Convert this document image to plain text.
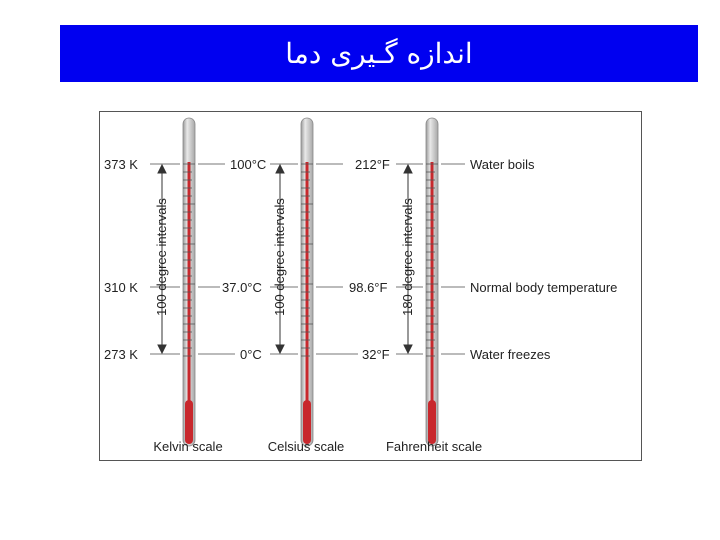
اندازه گـیری دما
100 degree intervals	100 degree intervals	180 degree intervals
373 K
310 K
273 K
100°C
37.0°C
0°C
212°F
98.6°F
32°F
Water boils
Normal body temperature
Water freezes
Kelvin scale	Celsius scale	Fahrenheit scale
